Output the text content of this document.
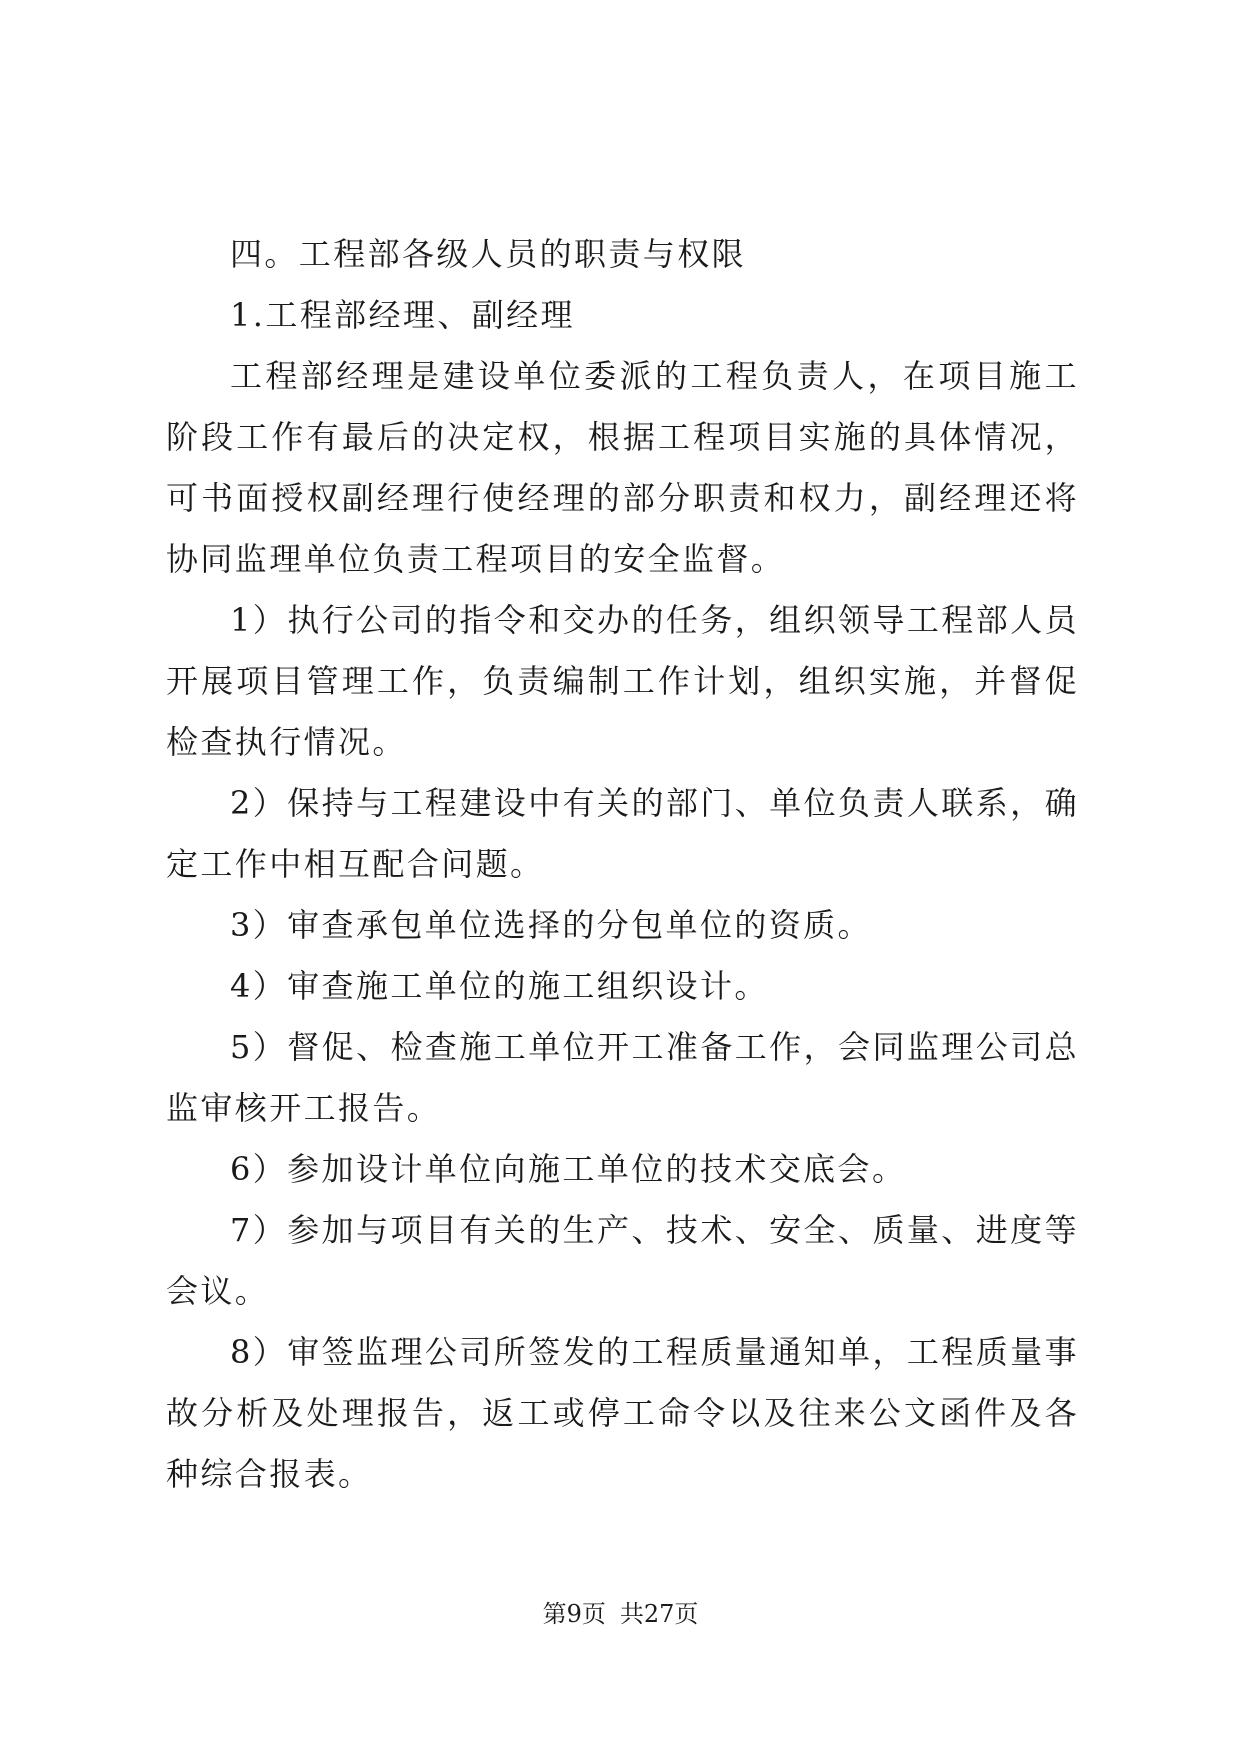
四。工程部各级人员的职责与权限

1.工程部经理、副经理

工程部经理是建设单位委派的工程负责人，在项目施工阶段工作有最后的决定权，根据工程项目实施的具体情况，可书面授权副经理行使经理的部分职责和权力，副经理还将协同监理单位负责工程项目的安全监督。

1）执行公司的指令和交办的任务，组织领导工程部人员开展项目管理工作，负责编制工作计划，组织实施，并督促检查执行情况。

2）保持与工程建设中有关的部门、单位负责人联系，确定工作中相互配合问题。

3）审查承包单位选择的分包单位的资质。

4）审查施工单位的施工组织设计。

5）督促、检查施工单位开工准备工作，会同监理公司总监审核开工报告。

6）参加设计单位向施工单位的技术交底会。

7）参加与项目有关的生产、技术、安全、质量、进度等会议。

8）审签监理公司所签发的工程质量通知单，工程质量事故分析及处理报告，返工或停工命令以及往来公文函件及各种综合报表。

第9页 共27页
